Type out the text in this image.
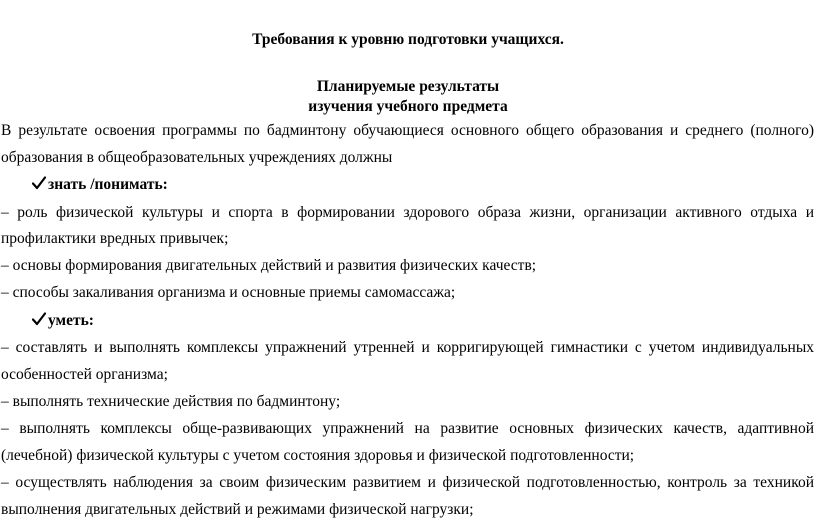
Требования к уровню подготовки учащихся.
Планируемые результаты
изучения учебного предмета
В результате освоения программы по бадминтону обучающиеся основного общего образования и среднего (полного)
образования в общеобразовательных учреждениях должны
знать /понимать:
– роль физической культуры и спорта в формировании здорового образа жизни, организации активного отдыха и
профилактики вредных привычек;
– основы формирования двигательных действий и развития физических качеств;
– способы закаливания организма и основные приемы самомассажа;
уметь:
– составлять и выполнять комплексы упражнений утренней и корригирующей гимнастики с учетом индивидуальных
особенностей организма;
– выполнять технические действия по бадминтону;
– выполнять комплексы обще-развивающих упражнений на развитие основных физических качеств, адаптивной
(лечебной) физической культуры с учетом состояния здоровья и физической подготовленности;
– осуществлять наблюдения за своим физическим развитием и физической подготовленностью, контроль за техникой
выполнения двигательных действий и режимами физической нагрузки;
